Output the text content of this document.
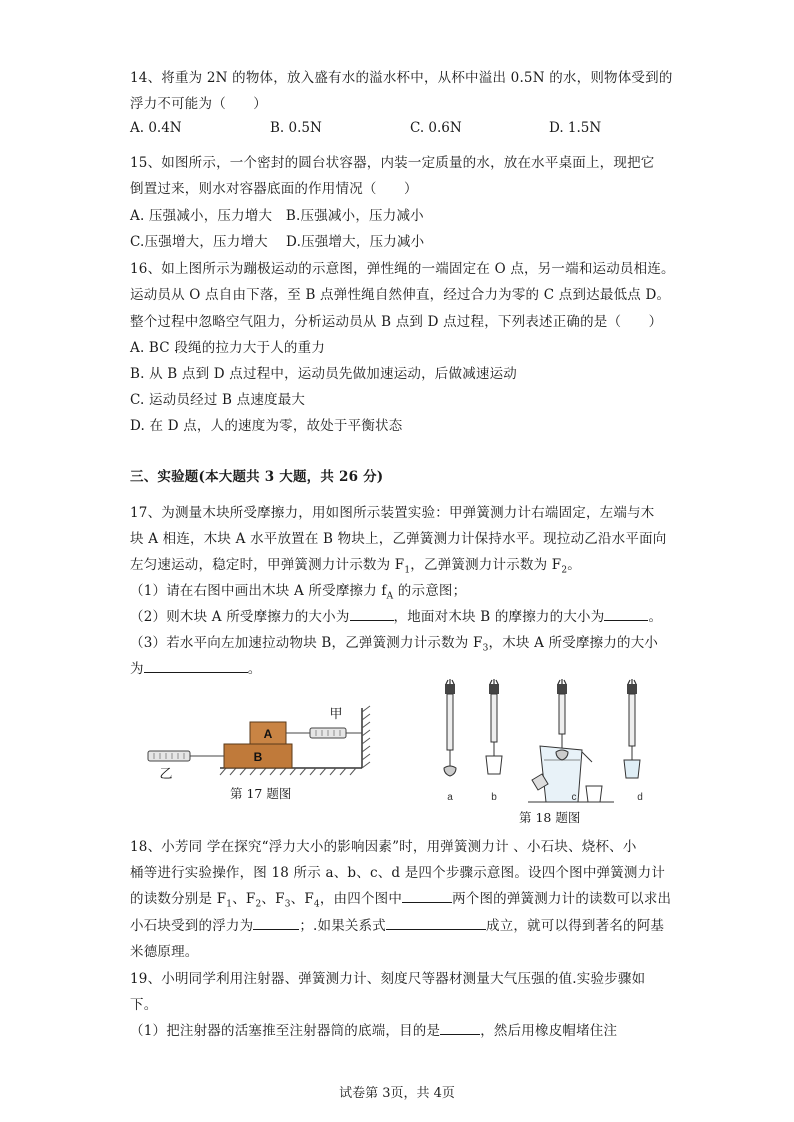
14、将重为 2N 的物体，放入盛有水的溢水杯中，从杯中溢出 0.5N 的水，则物体受到的
浮力不可能为（　　）
A. 0.4N	B. 0.5N	C. 0.6N	D. 1.5N
15、如图所示，一个密封的圆台状容器，内装一定质量的水，放在水平桌面上，现把它
倒置过来，则水对容器底面的作用情况（　　）
A. 压强减小，压力增大　B.压强减小，压力减小
C.压强增大，压力增大　 D.压强增大，压力减小
16、如上图所示为蹦极运动的示意图，弹性绳的一端固定在 O 点，另一端和运动员相连。
运动员从 O 点自由下落，至 B 点弹性绳自然伸直，经过合力为零的 C 点到达最低点 D。
整个过程中忽略空气阻力，分析运动员从 B 点到 D 点过程，下列表述正确的是（　　）
A. BC 段绳的拉力大于人的重力
B. 从 B 点到 D 点过程中，运动员先做加速运动，后做减速运动
C. 运动员经过 B 点速度最大
D. 在 D 点，人的速度为零，故处于平衡状态
三、实验题(本大题共 3 大题，共 26 分)
17、为测量木块所受摩擦力，用如图所示装置实验：甲弹簧测力计右端固定，左端与木
块 A 相连，木块 A 水平放置在 B 物块上，乙弹簧测力计保持水平。现拉动乙沿水平面向
左匀速运动，稳定时，甲弹簧测力计示数为 $F_1$，乙弹簧测力计示数为 $F_2$。
（1）请在右图中画出木块 A 所受摩擦力 $f_A$ 的示意图；
（2）则木块 A 所受摩擦力的大小为	，地面对木块 B 的摩擦力的大小为	。
（3）若水平向左加速拉动物块 B，乙弹簧测力计示数为 $F_3$，木块 A 所受摩擦力的大小
为	。
A
B
甲
乙
第 17 题图	a	b	c	d
第 18 题图
18、小芳同 学在探究“浮力大小的影响因素”时，用弹簧测力计 、小石块、烧杯、小
桶等进行实验操作，图 18 所示 a、b、c、d 是四个步骤示意图。设四个图中弹簧测力计
的读数分别是 $F_1$、$F_2$、$F_3$、$F_4$，由四个图中	两个图的弹簧测力计的读数可以求出
小石块受到的浮力为	；.如果关系式	成立，就可以得到著名的阿基
米德原理。
19、小明同学利用注射器、弹簧测力计、刻度尺等器材测量大气压强的值.实验步骤如
下。
（1）把注射器的活塞推至注射器筒的底端，目的是	，然后用橡皮帽堵住注
试卷第 3页，共 4页
